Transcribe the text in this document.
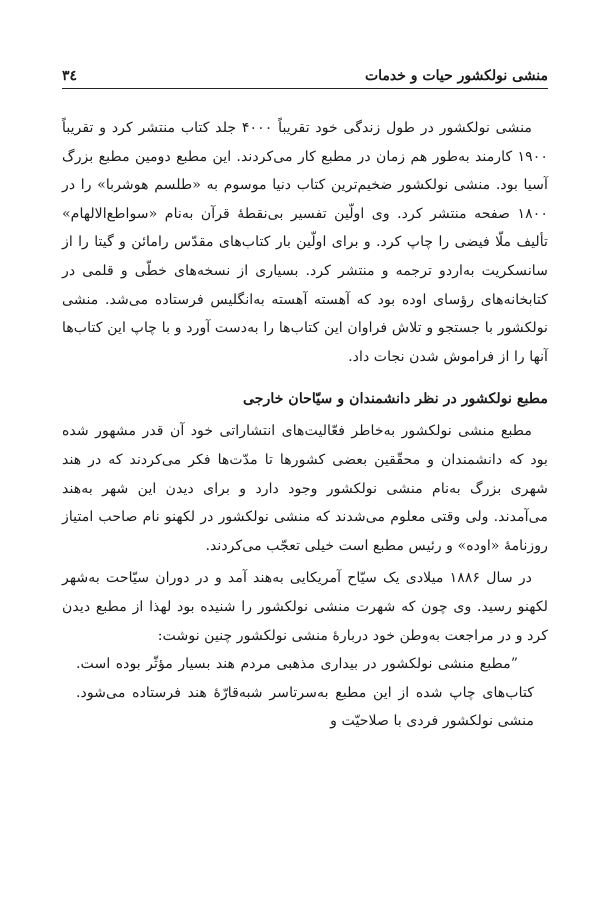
منشی نولکشور حیات و خدمات
۳٤

منشی نولکشور در طول زندگی خود تقریباً ۴۰۰۰ جلد کتاب منتشر کرد و تقریباً ۱۹۰۰ کارمند به‌طور هم زمان در مطبع کار می‌کردند. این مطبع دومین مطبع بزرگ آسیا بود. منشی نولکشور ضخیم‌ترین کتاب دنیا موسوم به «طلسم هوشربا» را در ۱۸۰۰ صفحه منتشر کرد. وی اولّین تفسیر بی‌نقطهٔ قرآن به‌نام «سواطع‌الالهام» تألیف ملّا فیضی را چاپ کرد. و برای اولّین بار کتاب‌های مقدّس رامائن و گیتا را از سانسکریت به‌اردو ترجمه و منتشر کرد. بسیاری از نسخه‌های خطّی و قلمی در کتابخانه‌های رؤسای اوده بود که آهسته آهسته به‌انگلیس فرستاده می‌شد. منشی نولکشور با جستجو و تلاش فراوان این کتاب‌ها را به‌دست آورد و با چاپ این کتاب‌ها آنها را از فراموش شدن نجات داد.

مطبع نولکشور در نظر دانشمندان و سیّاحان خارجی

مطبع منشی نولکشور به‌خاطر فعّالیت‌های انتشاراتی خود آن قدر مشهور شده بود که دانشمندان و محقّقین بعضی کشورها تا مدّت‌ها فکر می‌کردند که در هند شهری بزرگ به‌نام منشی نولکشور وجود دارد و برای دیدن این شهر به‌هند می‌آمدند. ولی وقتی معلوم می‌شدند که منشی نولکشور در لکهنو نام صاحب امتیاز روزنامهٔ «اوده» و رئیس مطبع است خیلی تعجّب می‌کردند.

در سال ۱۸۸۶ میلادی یک سیّاح آمریکایی به‌هند آمد و در دوران سیّاحت به‌شهر لکهنو رسید. وی چون که شهرت منشی نولکشور را شنیده بود لهذا از مطبع دیدن کرد و در مراجعت به‌وطن خود دربارهٔ منشی نولکشور چنین نوشت:

”مطبع منشی نولکشور در بیداری مذهبی مردم هند بسیار مؤثّر بوده است. کتاب‌های چاپ شده از این مطبع به‌سرتاسر شبه‌قارّهٔ هند فرستاده می‌شود. منشی نولکشور فردی با صلاحیّت و
